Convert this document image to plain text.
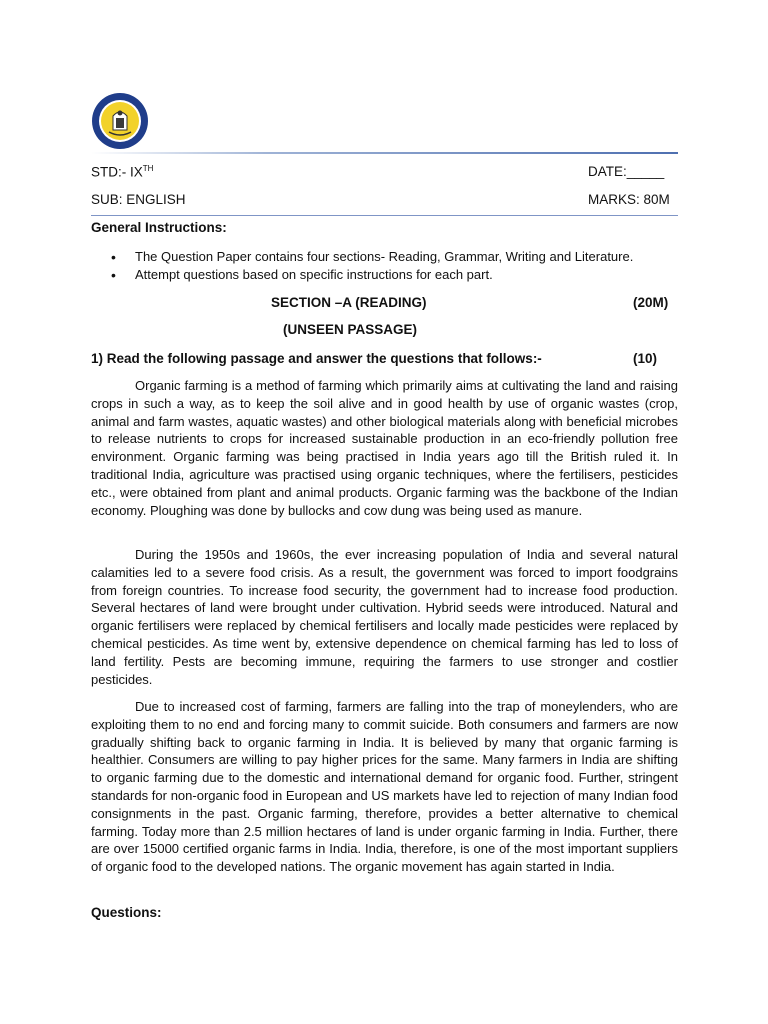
STD:- IXTH	DATE:_____
SUB: ENGLISH	MARKS: 80M
General Instructions:
• The Question Paper contains four sections- Reading, Grammar, Writing and Literature.
• Attempt questions based on specific instructions for each part.
SECTION –A (READING)	(20M)
(UNSEEN PASSAGE)
1) Read the following passage and answer the questions that follows:-	(10)

Organic farming is a method of farming which primarily aims at cultivating the land and raising crops in such a way, as to keep the soil alive and in good health by use of organic wastes (crop, animal and farm wastes, aquatic wastes) and other biological materials along with beneficial microbes to release nutrients to crops for increased sustainable production in an eco-friendly pollution free environment. Organic farming was being practised in India years ago till the British ruled it. In traditional India, agriculture was practised using organic techniques, where the fertilisers, pesticides etc., were obtained from plant and animal products. Organic farming was the backbone of the Indian economy. Ploughing was done by bullocks and cow dung was being used as manure.

During the 1950s and 1960s, the ever increasing population of India and several natural calamities led to a severe food crisis. As a result, the government was forced to import foodgrains from foreign countries. To increase food security, the government had to increase food production. Several hectares of land were brought under cultivation. Hybrid seeds were introduced. Natural and organic fertilisers were replaced by chemical fertilisers and locally made pesticides were replaced by chemical pesticides. As time went by, extensive dependence on chemical farming has led to loss of land fertility. Pests are becoming immune, requiring the farmers to use stronger and costlier pesticides.

Due to increased cost of farming, farmers are falling into the trap of moneylenders, who are exploiting them to no end and forcing many to commit suicide. Both consumers and farmers are now gradually shifting back to organic farming in India. It is believed by many that organic farming is healthier. Consumers are willing to pay higher prices for the same. Many farmers in India are shifting to organic farming due to the domestic and international demand for organic food. Further, stringent standards for non-organic food in European and US markets have led to rejection of many Indian food consignments in the past. Organic farming, therefore, provides a better alternative to chemical farming. Today more than 2.5 million hectares of land is under organic farming in India. Further, there are over 15000 certified organic farms in India. India, therefore, is one of the most important suppliers of organic food to the developed nations. The organic movement has again started in India.

Questions:
